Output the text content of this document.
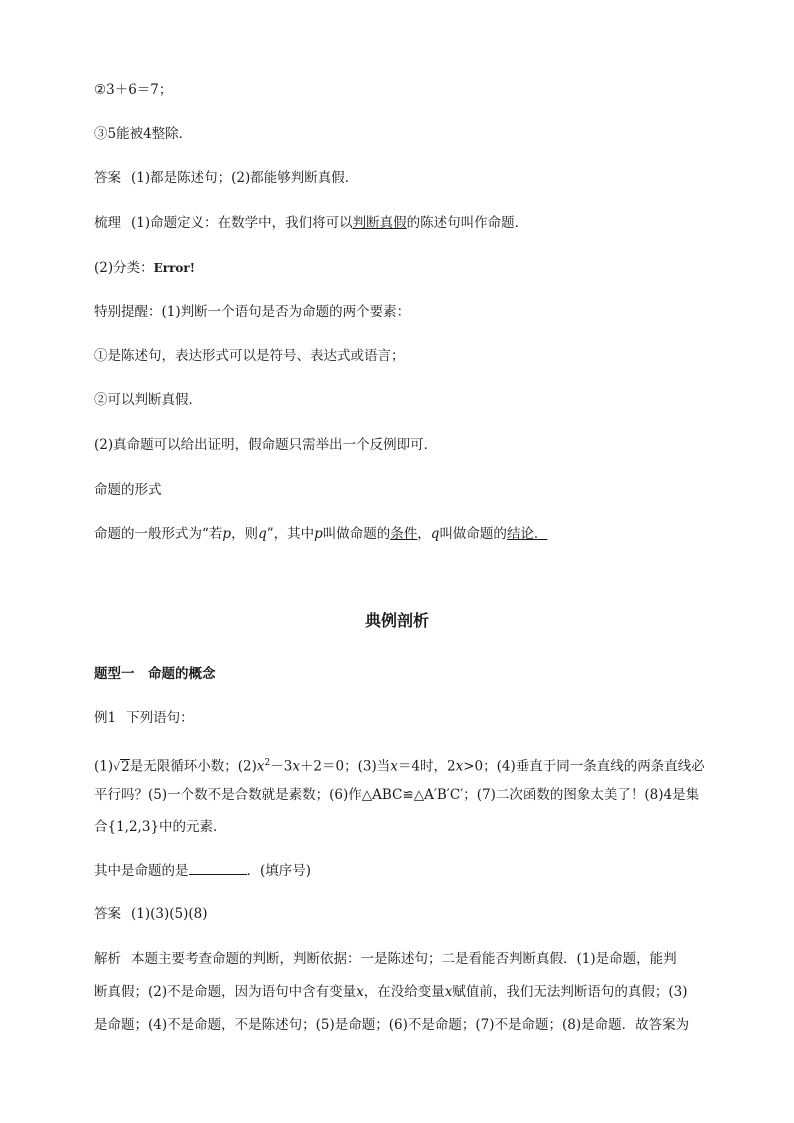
②3＋6＝7；
③5能被4整除．
答案 (1)都是陈述句；(2)都能够判断真假．
梳理 (1)命题定义：在数学中，我们将可以判断真假的陈述句叫作命题．
(2)分类：Error!
特别提醒：(1)判断一个语句是否为命题的两个要素：
①是陈述句，表达形式可以是符号、表达式或语言；
②可以判断真假．
(2)真命题可以给出证明，假命题只需举出一个反例即可．
命题的形式
命题的一般形式为“若p，则q”，其中p叫做命题的条件，q叫做命题的结论．
典例剖析
题型一　命题的概念
例1 下列语句：
(1)√2是无限循环小数；$(2)x^2-3x+2=0$；(3)当x＝4时，2x>0；(4)垂直于同一条直线的两条直线必
平行吗？(5)一个数不是合数就是素数；(6)作△ABC≌△A′B′C′；(7)二次函数的图象太美了！(8)4是集
合{1,2,3}中的元素．
其中是命题的是	．(填序号)
答案 (1)(3)(5)(8)
解析 本题主要考查命题的判断，判断依据：一是陈述句；二是看能否判断真假．(1)是命题，能判
断真假；(2)不是命题，因为语句中含有变量x，在没给变量x赋值前，我们无法判断语句的真假；(3)
是命题；(4)不是命题，不是陈述句；(5)是命题；(6)不是命题；(7)不是命题；(8)是命题．故答案为
